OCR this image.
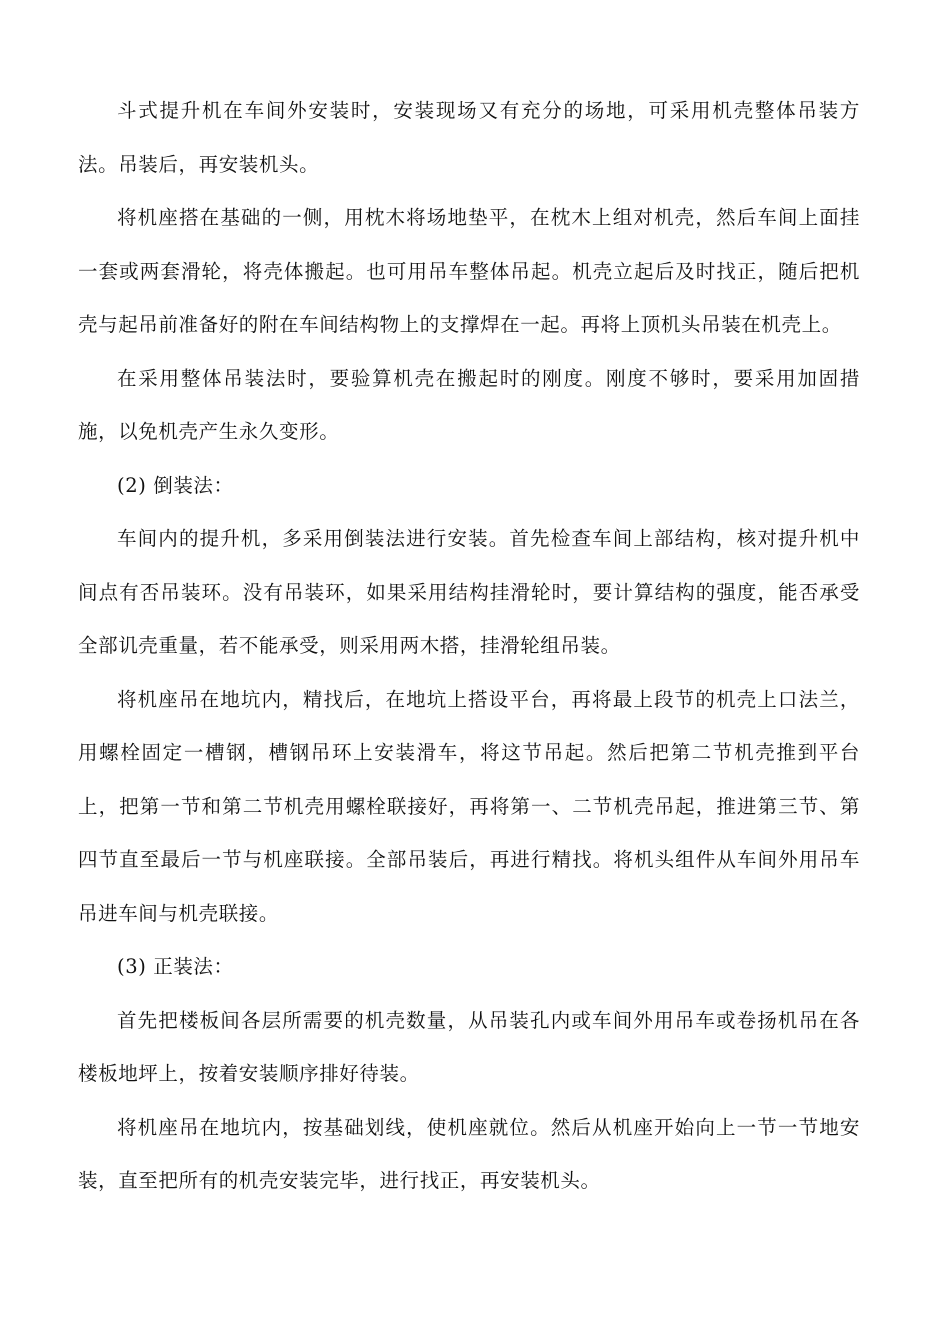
斗式提升机在车间外安装时，安装现场又有充分的场地，可采用机壳整体吊装方法。吊装后，再安装机头。

将机座搭在基础的一侧，用枕木将场地垫平，在枕木上组对机壳，然后车间上面挂一套或两套滑轮，将壳体搬起。也可用吊车整体吊起。机壳立起后及时找正，随后把机壳与起吊前准备好的附在车间结构物上的支撑焊在一起。再将上顶机头吊装在机壳上。

在采用整体吊装法时，要验算机壳在搬起时的刚度。刚度不够时，要采用加固措施，以免机壳产生永久变形。

(2) 倒装法：

车间内的提升机，多采用倒装法进行安装。首先检查车间上部结构，核对提升机中间点有否吊装环。没有吊装环，如果采用结构挂滑轮时，要计算结构的强度，能否承受全部讥壳重量，若不能承受，则采用两木搭，挂滑轮组吊装。

将机座吊在地坑内，精找后，在地坑上搭设平台，再将最上段节的机壳上口法兰，用螺栓固定一槽钢，槽钢吊环上安装滑车，将这节吊起。然后把第二节机壳推到平台上，把第一节和第二节机壳用螺栓联接好，再将第一、二节机壳吊起，推进第三节、第四节直至最后一节与机座联接。全部吊装后，再进行精找。将机头组件从车间外用吊车吊进车间与机壳联接。

(3) 正装法：

首先把楼板间各层所需要的机壳数量，从吊装孔内或车间外用吊车或卷扬机吊在各楼板地坪上，按着安装顺序排好待装。

将机座吊在地坑内，按基础划线，使机座就位。然后从机座开始向上一节一节地安装，直至把所有的机壳安装完毕，进行找正，再安装机头。
